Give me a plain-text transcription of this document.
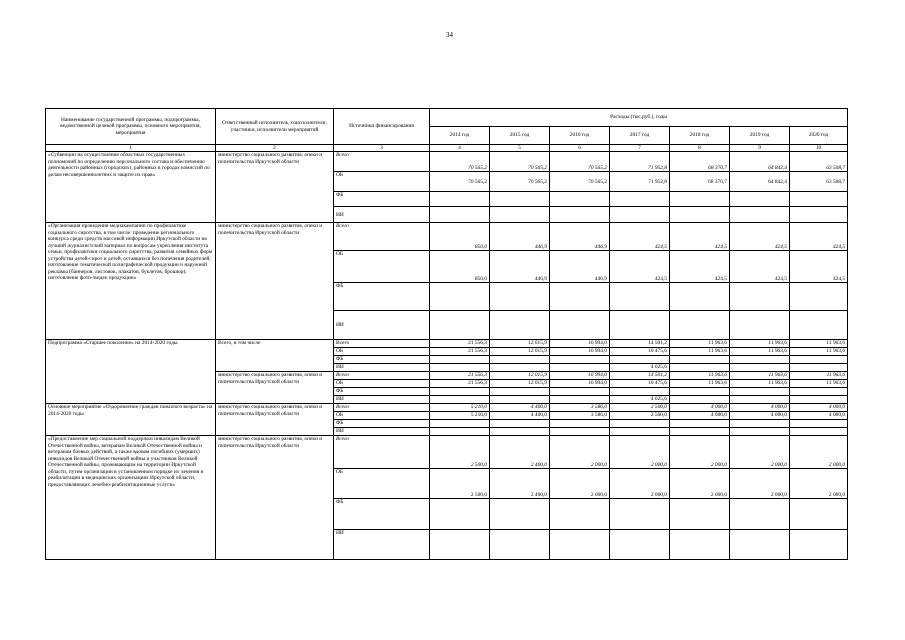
34
Наименование государственной программы, подпрограммы, ведомственной целевой программы, основного мероприятия, мероприятия	Ответственный исполнитель, соисполнители, участники, исполнители мероприятий	Источники финансирования	Расходы (тыс.руб.), годы						
			2014 год	2015 год	2016 год	2017 год	2018 год	2019 год	2020 год
1	2	3	4	5	6	7	8	9	10
«Субвенции на осуществление областных государственных полномочий по определению персонального состава и обеспечению деятельности районных (городских), районных в городах комиссий по делам несовершеннолетних и защите их прав»	министерство социального развития, опеки и попечительства Иркутской области	Всего	70 565,2	70 565,2	70 565,2	71 952,8	68 370,7	64 842,4	63 508,7
		ОБ	70 565,2	70 565,2	70 565,2	71 952,8	68 370,7	64 842,4	63 508,7
		ФБ							
		ИИ							
«Организация проведения медиакампании по профилактике социального сиротства, в том числе: проведение регионального конкурса среди средств массовой информации Иркутской области на лучший журналистский материал по вопросам укрепления института семьи, профилактики социального сиротства, развития семейных форм устройства детей-сирот и детей, оставшихся без попечения родителей; изготовление тематической полиграфической продукции и наружной рекламы (баннеров, листовок, плакатов, буклетов, брошюр); изготовление фото-/видео продукции»	министерство социального развития, опеки и попечительства Иркутской области	Всего	850,0	446,9	446,9	424,5	424,5	424,5	424,5
		ОБ	850,0	446,9	446,9	424,5	424,5	424,5	424,5
		ФБ							
		ИИ							
Подпрограмма «Старшее поколение» на 2014-2020 годы	Всего, в том числе	Всего	21 556,3	12 015,9	16 994,0	14 501,2	11 963,6	11 963,6	11 963,6
		ОБ	21 556,3	12 015,9	16 994,0	10 475,6	11 963,6	11 963,6	11 963,6
		ФБ							
		ИИ				4 025,6			
	министерство социального развития, опеки и попечительства Иркутской области	Всего	21 556,3	12 015,9	16 994,0	14 501,2	11 963,6	11 963,6	11 963,6
		ОБ	21 556,3	12 015,9	16 994,0	10 475,6	11 963,6	11 963,6	11 963,6
		ФБ							
		ИИ				4 025,6			
Основное мероприятие «Оздоровление граждан пожилого возраста» на 2014-2020 годы	министерство социального развития, опеки и попечительства Иркутской области	Всего	5 210,0	4 400,0	3 586,0	2 500,0	4 000,0	4 000,0	4 000,0
		ОБ	5 210,0	4 400,0	3 586,0	2 500,0	4 000,0	4 000,0	4 000,0
		ФБ							
		ИИ							
«Предоставление мер социальной поддержки инвалидам Великой Отечественной войны, ветеранам Великой Отечественной войны и ветеранам боевых действий, а также вдовам погибших (умерших) инвалидов Великой Отечественной войны и участников Великой Отечественной войны, проживающим на территории Иркутской области, путем организации в установленном порядке их лечения и реабилитации в медицинских организациях Иркутской области, предоставляющих лечебно-реабилитационные услуги»	министерство социального развития, опеки и попечительства Иркутской области	Всего	2 500,0	2 400,0	2 000,0	2 000,0	2 000,0	2 000,0	2 000,0
		ОБ	2 500,0	2 400,0	2 000,0	2 000,0	2 000,0	2 000,0	2 000,0
		ФБ							
		ИИ							
